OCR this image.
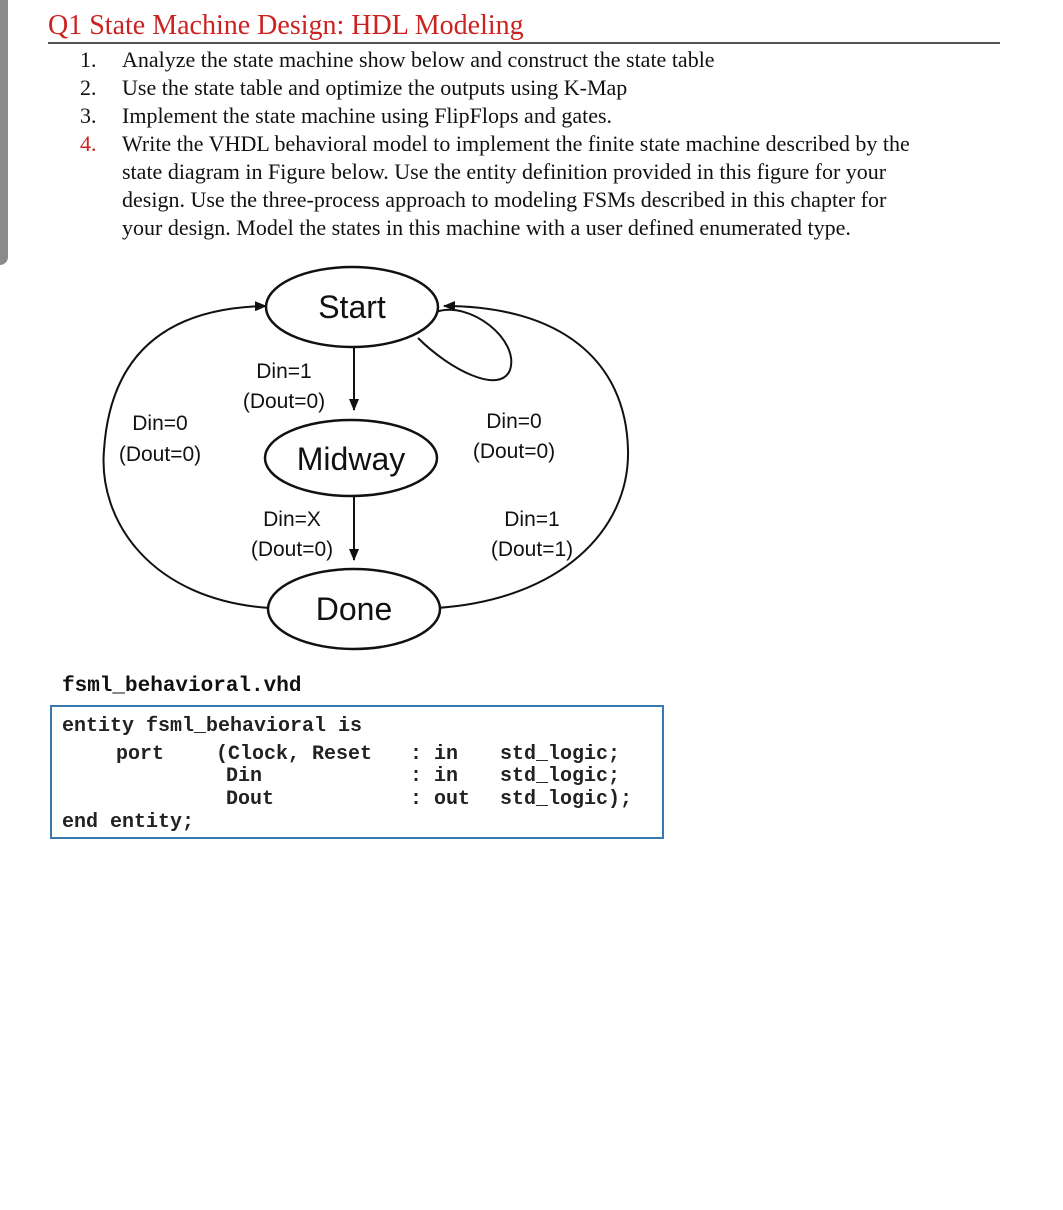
Q1 State Machine Design: HDL Modeling
1. Analyze the state machine show below and construct the state table
2. Use the state table and optimize the outputs using K-Map
3. Implement the state machine using FlipFlops and gates.
4. Write the VHDL behavioral model to implement the finite state machine described by the
state diagram in Figure below. Use the entity definition provided in this figure for your
design. Use the three-process approach to modeling FSMs described in this chapter for
your design. Model the states in this machine with a user defined enumerated type.
Start
Midway
Done
Din=1
(Dout=0)
Din=0
(Dout=0)
Din=0
(Dout=0)
Din=X
(Dout=0)
Din=1
(Dout=1)
fsml_behavioral.vhd
entity fsml_behavioral is
port	(Clock, Reset : in std_logic;
Din	: in std_logic;
Dout	: out std_logic);
end entity;
